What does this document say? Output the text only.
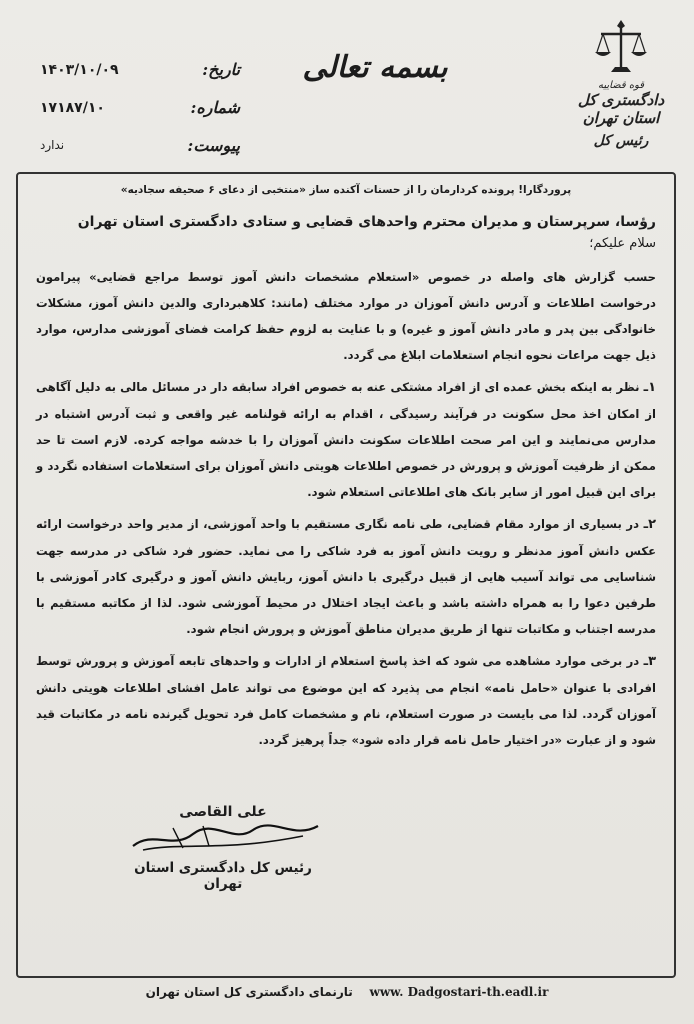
قوه قضاییه
دادگستری کل استان تهران
رئیس کل
بسمه تعالی
۱۴۰۳/۱۰/۰۹	تاریخ:
۱۷۱۸۷/۱۰	شماره:
ندارد	پیوست:
پروردگارا! پرونده کردارمان را از حسنات آکنده ساز «منتخبی از دعای ۶ صحیفه سجادیه»
رؤسا، سرپرستان و مدیران محترم واحدهای قضایی و ستادی دادگستری استان تهران
سلام علیکم؛

حسب گزارش های واصله در خصوص «استعلام مشخصات دانش آموز توسط مراجع قضایی» پیرامون درخواست اطلاعات و آدرس دانش آموزان در موارد مختلف (مانند: کلاهبرداری والدین دانش آموز، مشکلات خانوادگی بین پدر و مادر دانش آموز و غیره) و با عنایت به لزوم حفظ کرامت فضای آموزشی مدارس، موارد ذیل جهت مراعات نحوه انجام استعلامات ابلاغ می گردد.

۱ـ نظر به اینکه بخش عمده ای از افراد مشتکی عنه به خصوص افراد سابقه دار در مسائل مالی به دلیل آگاهی از امکان اخذ محل سکونت در فرآیند رسیدگی ، اقدام به ارائه قولنامه غیر واقعی و ثبت آدرس اشتباه در مدارس می‌نمایند و این امر صحت اطلاعات سکونت دانش آموزان را با خدشه مواجه کرده. لازم است تا حد ممکن از ظرفیت آموزش و پرورش در خصوص اطلاعات هویتی دانش آموزان برای استعلامات استفاده نگردد و برای این قبیل امور از سایر بانک های اطلاعاتی استعلام شود.

۲ـ در بسیاری از موارد مقام قضایی، طی نامه نگاری مستقیم با واحد آموزشی، از مدیر واحد درخواست ارائه عکس دانش آموز مدنظر و رویت دانش آموز به فرد شاکی را می نماید. حضور فرد شاکی در مدرسه جهت شناسایی می تواند آسیب هایی از قبیل درگیری با دانش آموز، ربایش دانش آموز و درگیری کادر آموزشی با طرفین دعوا را به همراه داشته باشد و باعث ایجاد اختلال در محیط آموزشی شود. لذا از مکاتبه مستقیم با مدرسه اجتناب و مکاتبات تنها از طریق مدیران مناطق آموزش و پرورش انجام شود.

۳ـ در برخی موارد مشاهده می شود که اخذ پاسخ استعلام از ادارات و واحدهای تابعه آموزش و پرورش توسط افرادی با عنوان «حامل نامه» انجام می پذیرد که این موضوع می تواند عامل افشای اطلاعات هویتی دانش آموزان گردد. لذا می بایست در صورت استعلام، نام و مشخصات کامل فرد تحویل گیرنده نامه در مکاتبات قید شود و از عبارت «در اختیار حامل نامه قرار داده شود» جداً پرهیز گردد.

علی القاصی
رئیس کل دادگستری استان تهران
www. Dadgostari-th.eadl.ir    تارنمای دادگستری کل استان تهران
